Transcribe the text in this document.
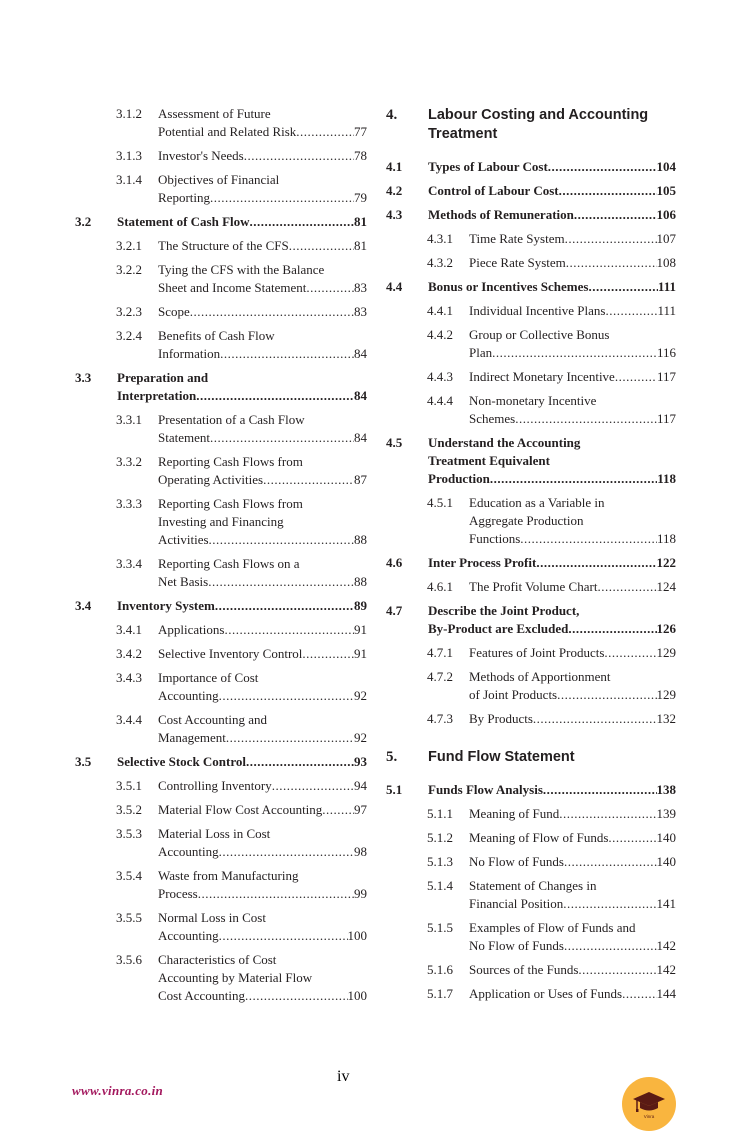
3.1.2 Assessment of Future
Potential and Related Risk .....	77
3.1.3 Investor's Needs .....	78
3.1.4 Objectives of Financial
Reporting .....	79
3.2 Statement of Cash Flow .....	81
3.2.1 The Structure of the CFS .....	81
3.2.2 Tying the CFS with the Balance
Sheet and Income Statement .....	83
3.2.3 Scope .....	83
3.2.4 Benefits of Cash Flow
Information .....	84
3.3 Preparation and
Interpretation .....	84
3.3.1 Presentation of a Cash Flow
Statement .....	84
3.3.2 Reporting Cash Flows from
Operating Activities .....	87
3.3.3 Reporting Cash Flows from
Investing and Financing
Activities .....	88
3.3.4 Reporting Cash Flows on a
Net Basis .....	88
3.4 Inventory System .....	89
3.4.1 Applications .....	91
3.4.2 Selective Inventory Control .....	91
3.4.3 Importance of Cost
Accounting .....	92
3.4.4 Cost Accounting and
Management .....	92
3.5 Selective Stock Control .....	93
3.5.1 Controlling Inventory .....	94
3.5.2 Material Flow Cost Accounting ..... 97
3.5.3 Material Loss in Cost
Accounting .....	98
3.5.4 Waste from Manufacturing
Process .....	99
3.5.5 Normal Loss in Cost
Accounting .....	100
3.5.6 Characteristics of Cost
Accounting by Material Flow
Cost Accounting .....	100
4. Labour Costing and Accounting
Treatment
4.1 Types of Labour Cost .....	104
4.2 Control of Labour Cost .....	105
4.3 Methods of Remuneration .....	106
4.3.1 Time Rate System .....	107
4.3.2 Piece Rate System .....	108
4.4 Bonus or Incentives Schemes .....	111
4.4.1 Individual Incentive Plans .....	111
4.4.2 Group or Collective Bonus
Plan .....	116
4.4.3 Indirect Monetary Incentive .....	117
4.4.4 Non-monetary Incentive
Schemes .....	117
4.5 Understand the Accounting
Treatment Equivalent
Production .....	118
4.5.1 Education as a Variable in
Aggregate Production
Functions .....	118
4.6 Inter Process Profit .....	122
4.6.1 The Profit Volume Chart .....	124
4.7 Describe the Joint Product,
By-Product are Excluded .....	126
4.7.1 Features of Joint Products .....	129
4.7.2 Methods of Apportionment
of Joint Products .....	129
4.7.3 By Products .....	132
5. Fund Flow Statement
5.1 Funds Flow Analysis .....	138
5.1.1 Meaning of Fund .....	139
5.1.2 Meaning of Flow of Funds .....	140
5.1.3 No Flow of Funds .....	140
5.1.4 Statement of Changes in
Financial Position .....	141
5.1.5 Examples of Flow of Funds and
No Flow of Funds .....	142
5.1.6 Sources of the Funds .....	142
5.1.7 Application or Uses of Funds .....	144
iv
www.vinra.co.in
Vinra
